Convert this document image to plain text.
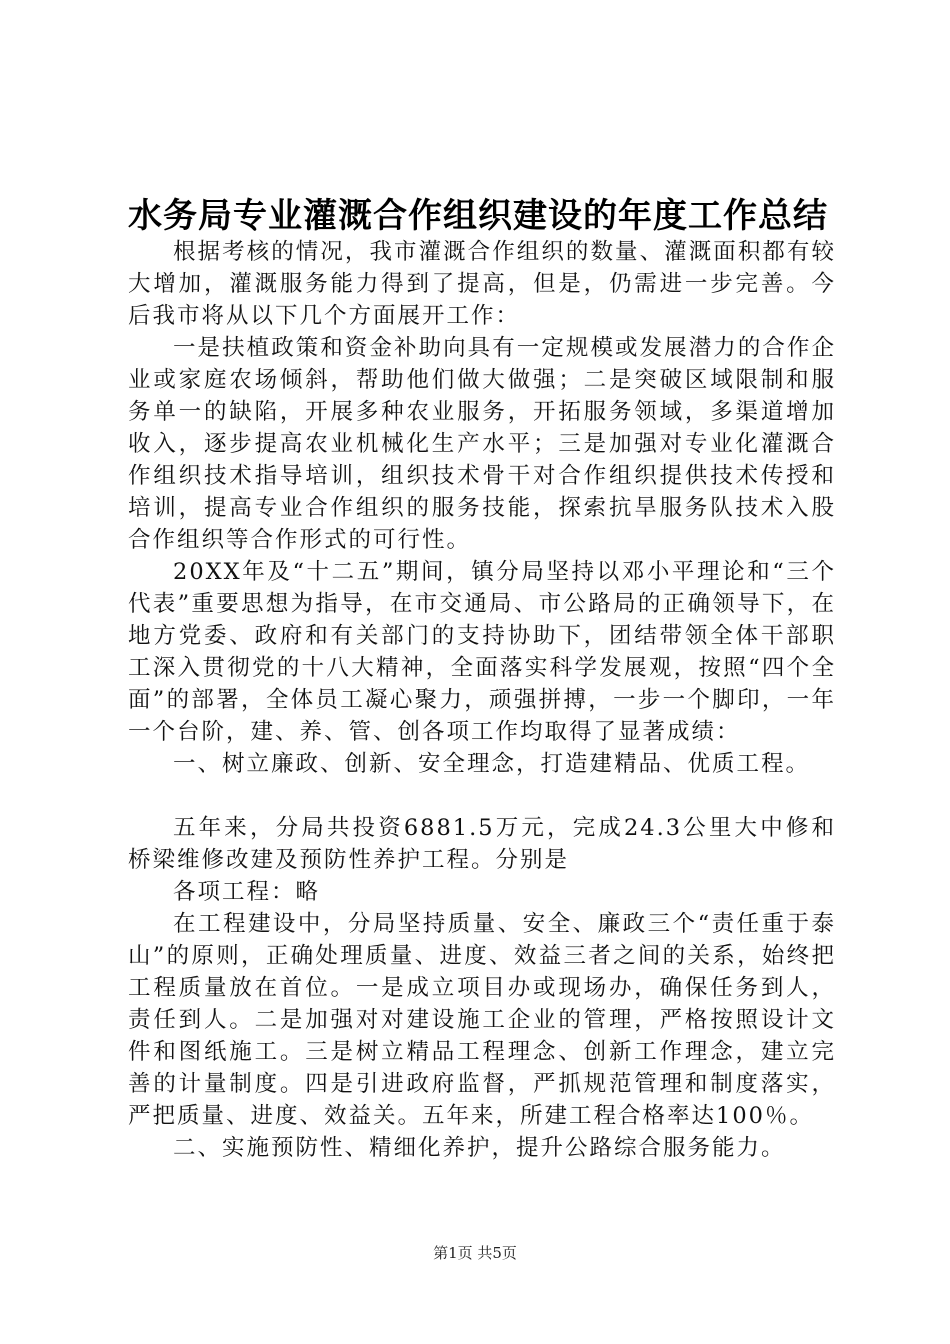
水务局专业灌溉合作组织建设的年度工作总结

根据考核的情况，我市灌溉合作组织的数量、灌溉面积都有较大增加，灌溉服务能力得到了提高，但是，仍需进一步完善。今后我市将从以下几个方面展开工作：

一是扶植政策和资金补助向具有一定规模或发展潜力的合作企业或家庭农场倾斜，帮助他们做大做强；二是突破区域限制和服务单一的缺陷，开展多种农业服务，开拓服务领域，多渠道增加收入，逐步提高农业机械化生产水平；三是加强对专业化灌溉合作组织技术指导培训，组织技术骨干对合作组织提供技术传授和培训，提高专业合作组织的服务技能，探索抗旱服务队技术入股合作组织等合作形式的可行性。

20XX年及“十二五”期间，镇分局坚持以邓小平理论和“三个代表”重要思想为指导，在市交通局、市公路局的正确领导下，在地方党委、政府和有关部门的支持协助下，团结带领全体干部职工深入贯彻党的十八大精神，全面落实科学发展观，按照“四个全面”的部署，全体员工凝心聚力，顽强拼搏，一步一个脚印，一年一个台阶，建、养、管、创各项工作均取得了显著成绩：

一、树立廉政、创新、安全理念，打造建精品、优质工程。

五年来，分局共投资6881.5万元，完成24.3公里大中修和桥梁维修改建及预防性养护工程。分别是

各项工程：略

在工程建设中，分局坚持质量、安全、廉政三个“责任重于泰山”的原则，正确处理质量、进度、效益三者之间的关系，始终把工程质量放在首位。一是成立项目办或现场办，确保任务到人，责任到人。二是加强对对建设施工企业的管理，严格按照设计文件和图纸施工。三是树立精品工程理念、创新工作理念，建立完善的计量制度。四是引进政府监督，严抓规范管理和制度落实，严把质量、进度、效益关。五年来，所建工程合格率达100％。

二、实施预防性、精细化养护，提升公路综合服务能力。

第1页 共5页
